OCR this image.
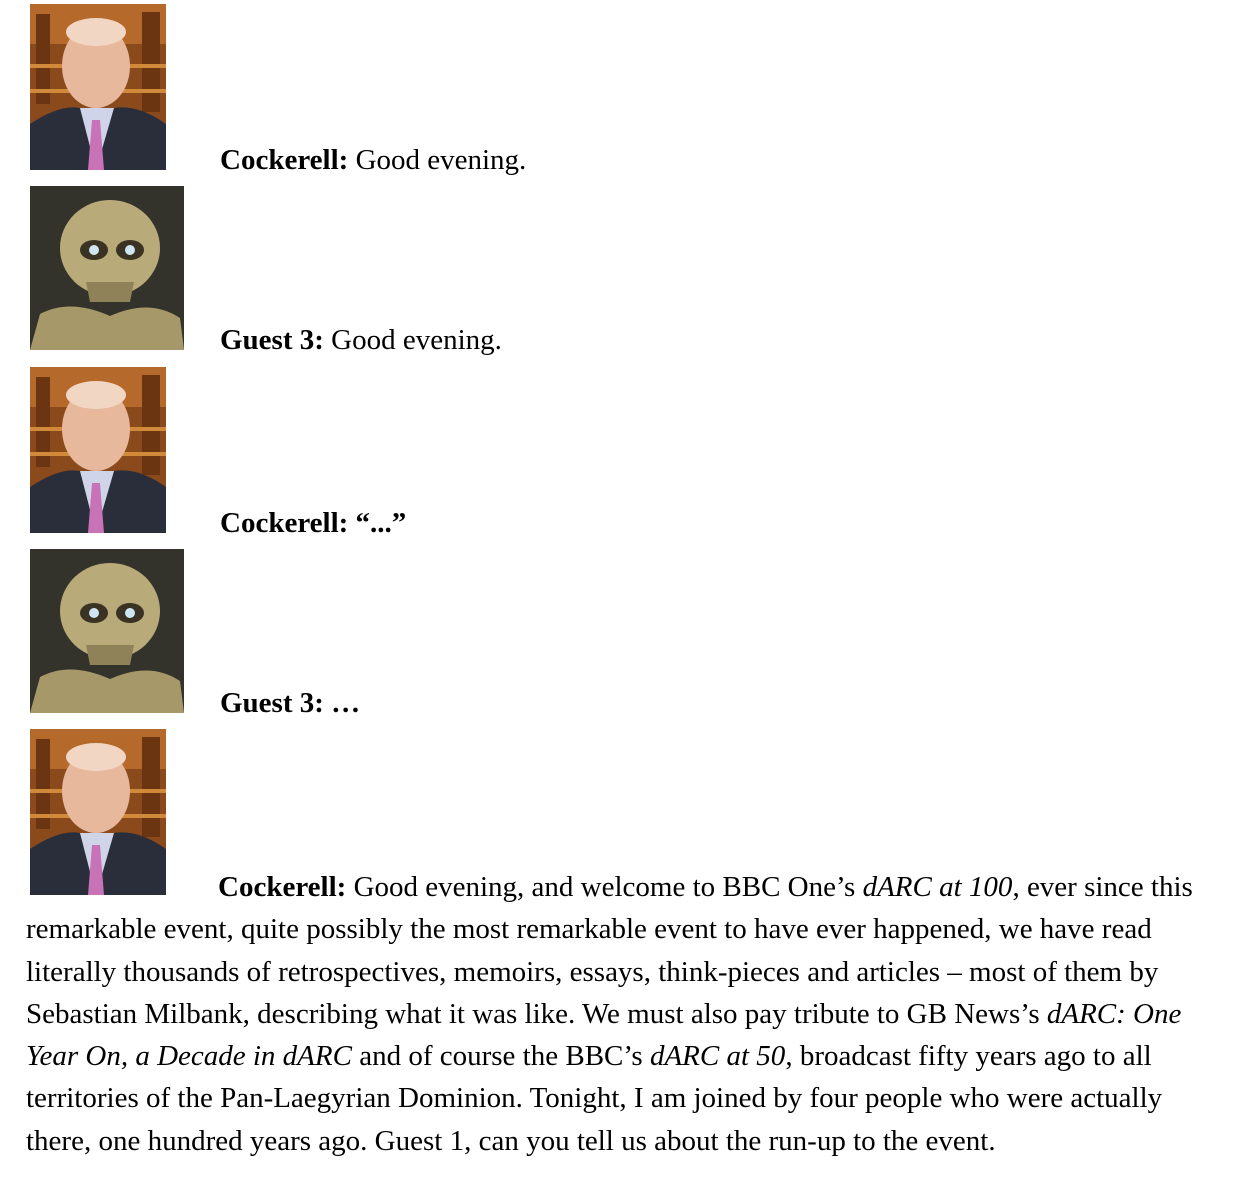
Cockerell: Good evening.
Guest 3: Good evening.
Cockerell: “...”
Guest 3: …

Cockerell: Good evening, and welcome to BBC One’s dARC at 100, ever since this remarkable event, quite possibly the most remarkable event to have ever happened, we have read literally thousands of retrospectives, memoirs, essays, think-pieces and articles – most of them by Sebastian Milbank, describing what it was like. We must also pay tribute to GB News’s dARC: One Year On, a Decade in dARC and of course the BBC’s dARC at 50, broadcast fifty years ago to all territories of the Pan-Laegyrian Dominion. Tonight, I am joined by four people who were actually there, one hundred years ago. Guest 1, can you tell us about the run-up to the event.
